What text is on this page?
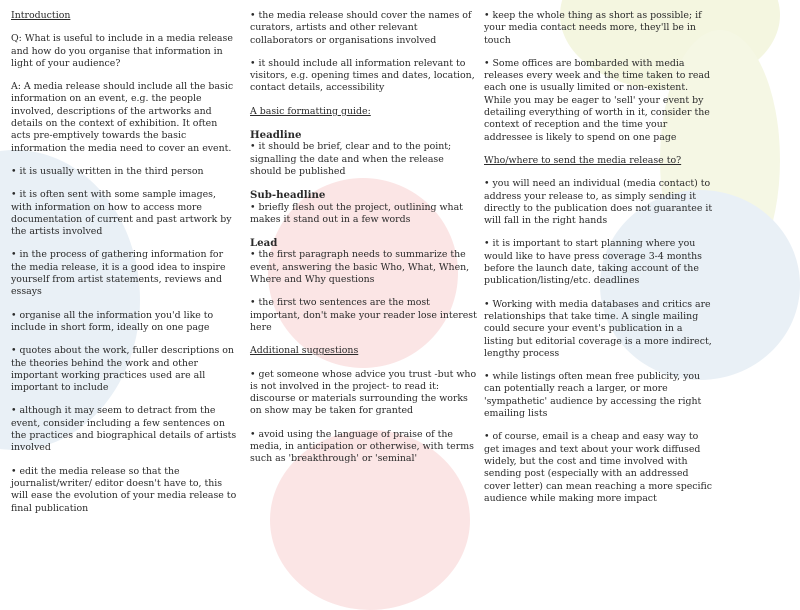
Introduction

Q: What is useful to include in a media release and how do you organise that information in light of your audience?

A: A media release should include all the basic information on an event, e.g. the people involved, descriptions of the artworks and details on the context of exhibition. It often acts pre-emptively towards the basic information the media need to cover an event.

• it is usually written in the third person

• it is often sent with some sample images, with information on how to access more documentation of current and past artwork by the artists involved

• in the process of gathering information for the media release, it is a good idea to inspire yourself from artist statements, reviews and essays

• organise all the information you'd like to include in short form, ideally on one page

• quotes about the work, fuller descriptions on the theories behind the work and other important working practices used are all important to include

• although it may seem to detract from the event, consider including a few sentences on the practices and biographical details of artists involved

• edit the media release so that the journalist/writer/ editor doesn't have to, this will ease the evolution of your media release to final publication

• the media release should cover the names of curators, artists and other relevant collaborators or organisations involved

• it should include all information relevant to visitors, e.g. opening times and dates, location, contact details, accessibility

A basic formatting guide:
Headline

• it should be brief, clear and to the point; signalling the date and when the release should be published

Sub-headline

• briefly flesh out the project, outlining what makes it stand out in a few words

Lead

• the first paragraph needs to summarize the event, answering the basic Who, What, When, Where and Why questions

• the first two sentences are the most important, don't make your reader lose interest here

Additional suggestions

• get someone whose advice you trust -but who is not involved in the project- to read it: discourse or materials surrounding the works on show may be taken for granted

• avoid using the language of praise of the media, in anticipation or otherwise, with terms such as 'breakthrough' or 'seminal'

• keep the whole thing as short as possible; if your media contact needs more, they'll be in touch

• Some offices are bombarded with media releases every week and the time taken to read each one is usually limited or non-existent. While you may be eager to 'sell' your event by detailing everything of worth in it, consider the context of reception and the time your addressee is likely to spend on one page

Who/where to send the media release to?

• you will need an individual (media contact) to address your release to, as simply sending it directly to the publication does not guarantee it will fall in the right hands

• it is important to start planning where you would like to have press coverage 3-4 months before the launch date, taking account of the publication/listing/etc. deadlines

• Working with media databases and critics are relationships that take time. A single mailing could secure your event's publication in a listing but editorial coverage is a more indirect, lengthy process

• while listings often mean free publicity, you can potentially reach a larger, or more 'sympathetic' audience by accessing the right emailing lists

• of course, email is a cheap and easy way to get images and text about your work diffused widely, but the cost and time involved with sending post (especially with an addressed cover letter) can mean reaching a more specific audience while making more impact
